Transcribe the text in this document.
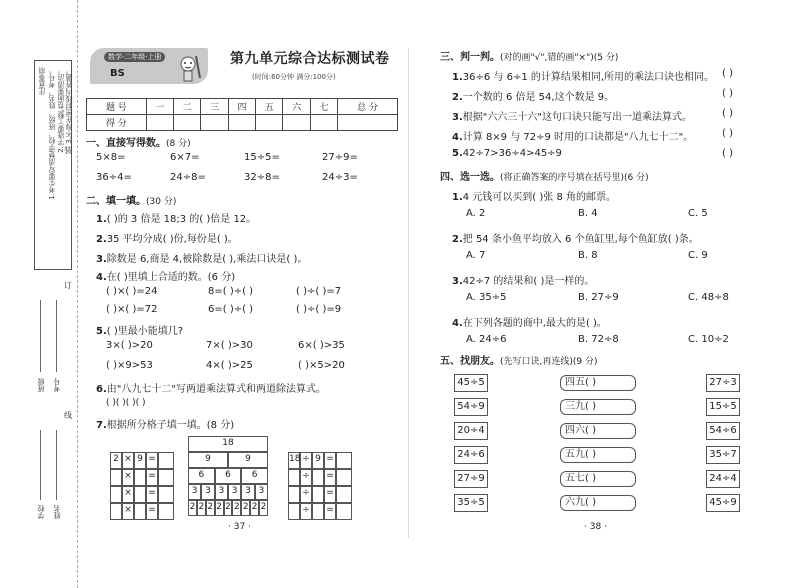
注意事项 1.考生要写清楚学校、班级、姓名、考号。 2.字迹要工整,卷面要清洁。 3.不得在密封线内答题。
装
订
线
班级 考号
学校 姓名
数学·二年级·上册
BS
第九单元综合达标测试卷
(时间:60分钟 满分:100分)
题 号	一	二	三	四	五	六	七	总 分
得 分								
一、直接写得数。(8 分)
5×8=	6×7=	15÷5=	27÷9=
36÷4=	24÷8=	32÷8=	24÷3=
二、填一填。(30 分)
1.( )的 3 倍是 18;3 的( )倍是 12。
2.35 平均分成( )份,每份是( )。
3.除数是 6,商是 4,被除数是( ),乘法口诀是( )。
4.在( )里填上合适的数。(6 分)
( )×( )=24	8=( )÷( )	( )÷( )=7
( )×( )=72	6=( )÷( )	( )÷( )=9
5.( )里最小能填几?
3×( )>20	7×( )>30	6×( )>35
( )×9>53	4×( )>25	( )×5>20
6.由"八九七十二"写两道乘法算式和两道除法算式。
( )( )( )( )
7.根据所分格子填一填。(8 分)
2 × 9 =
× =
× =
× =
18
9	9
6	6	6
3 3 3 3 3 3
2 2 2 2 2 2 2 2 2
18 ÷ 9 =
÷ =
÷ =
÷ =
· 37 ·
三、判一判。(对的画"√",错的画"×")(5 分)
1.36÷6 与 6÷1 的计算结果相同,所用的乘法口诀也相同。 ( )
2.一个数的 6 倍是 54,这个数是 9。	( )
3.根据"六六三十六"这句口诀只能写出一道乘法算式。	( )
4.计算 8×9 与 72÷9 时用的口诀都是"八九七十二"。	( )
5.42÷7>36÷4>45÷9	( )
四、选一选。(将正确答案的序号填在括号里)(6 分)
1.4 元钱可以买到( )张 8 角的邮票。
A. 2	B. 4	C. 5
2.把 54 条小鱼平均放入 6 个鱼缸里,每个鱼缸放( )条。
A. 7	B. 8	C. 9
3.42÷7 的结果和( )是一样的。
A. 35÷5	B. 27÷9	C. 48÷8
4.在下列各题的商中,最大的是( )。
A. 24÷6	B. 72÷8	C. 10÷2
五、找朋友。(先写口诀,再连线)(9 分)
45÷5	四五( )	27÷3
54÷9	三九( )	15÷5
20÷4	四六( )	54÷6
24÷6	五九( )	35÷7
27÷9	五七( )	24÷4
35÷5	六九( )	45÷9
· 38 ·
